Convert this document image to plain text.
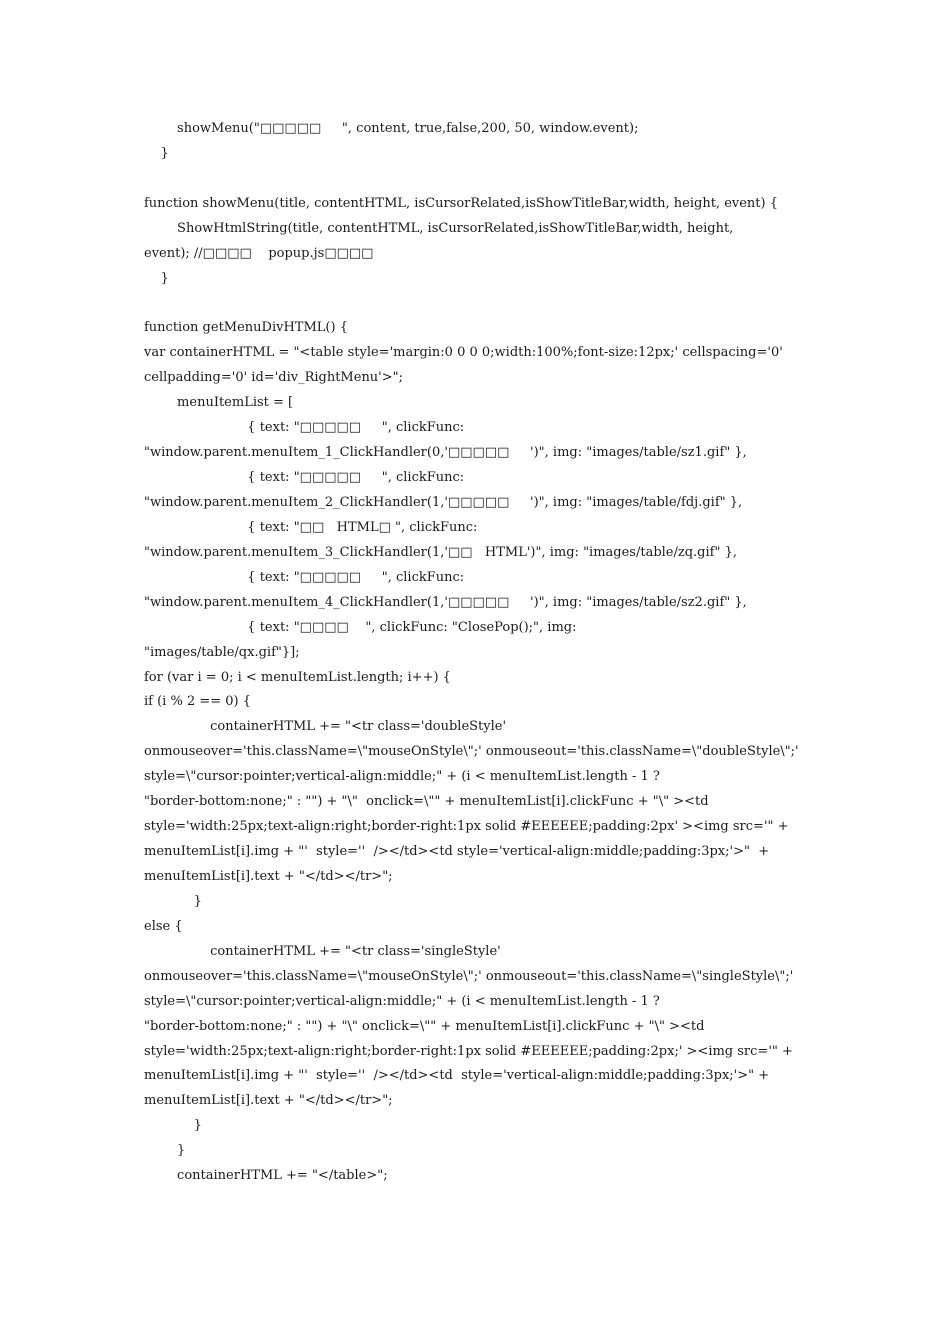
showMenu("□□□□□     ", content, true,false,200, 50, window.event);
}
function showMenu(title, contentHTML, isCursorRelated,isShowTitleBar,width, height, event) {
ShowHtmlString(title, contentHTML, isCursorRelated,isShowTitleBar,width, height,
event); //□□□□    popup.js□□□□
}
function getMenuDivHTML() {
var containerHTML = "<table style='margin:0 0 0 0;width:100%;font-size:12px;' cellspacing='0'
cellpadding='0' id='div_RightMenu'>";
menuItemList = [
{ text: "□□□□□     ", clickFunc:
"window.parent.menuItem_1_ClickHandler(0,'□□□□□     ')", img: "images/table/sz1.gif" },
{ text: "□□□□□     ", clickFunc:
"window.parent.menuItem_2_ClickHandler(1,'□□□□□     ')", img: "images/table/fdj.gif" },
{ text: "□□   HTML□ ", clickFunc:
"window.parent.menuItem_3_ClickHandler(1,'□□   HTML')", img: "images/table/zq.gif" },
{ text: "□□□□□     ", clickFunc:
"window.parent.menuItem_4_ClickHandler(1,'□□□□□     ')", img: "images/table/sz2.gif" },
{ text: "□□□□    ", clickFunc: "ClosePop();", img:
"images/table/qx.gif"}];
for (var i = 0; i < menuItemList.length; i++) {
if (i % 2 == 0) {
containerHTML += "<tr class='doubleStyle'
onmouseover='this.className=\"mouseOnStyle\";' onmouseout='this.className=\"doubleStyle\";'
style=\"cursor:pointer;vertical-align:middle;" + (i < menuItemList.length - 1 ?
"border-bottom:none;" : "") + "\"  onclick=\"" + menuItemList[i].clickFunc + "\" ><td
style='width:25px;text-align:right;border-right:1px solid #EEEEEE;padding:2px' ><img src='" +
menuItemList[i].img + "'  style=''  /></td><td style='vertical-align:middle;padding:3px;'>"  +
menuItemList[i].text + "</td></tr>";
}
else {
containerHTML += "<tr class='singleStyle'
onmouseover='this.className=\"mouseOnStyle\";' onmouseout='this.className=\"singleStyle\";'
style=\"cursor:pointer;vertical-align:middle;" + (i < menuItemList.length - 1 ?
"border-bottom:none;" : "") + "\" onclick=\"" + menuItemList[i].clickFunc + "\" ><td
style='width:25px;text-align:right;border-right:1px solid #EEEEEE;padding:2px;' ><img src='" +
menuItemList[i].img + "'  style=''  /></td><td  style='vertical-align:middle;padding:3px;'>" +
menuItemList[i].text + "</td></tr>";
}
}
containerHTML += "</table>";
